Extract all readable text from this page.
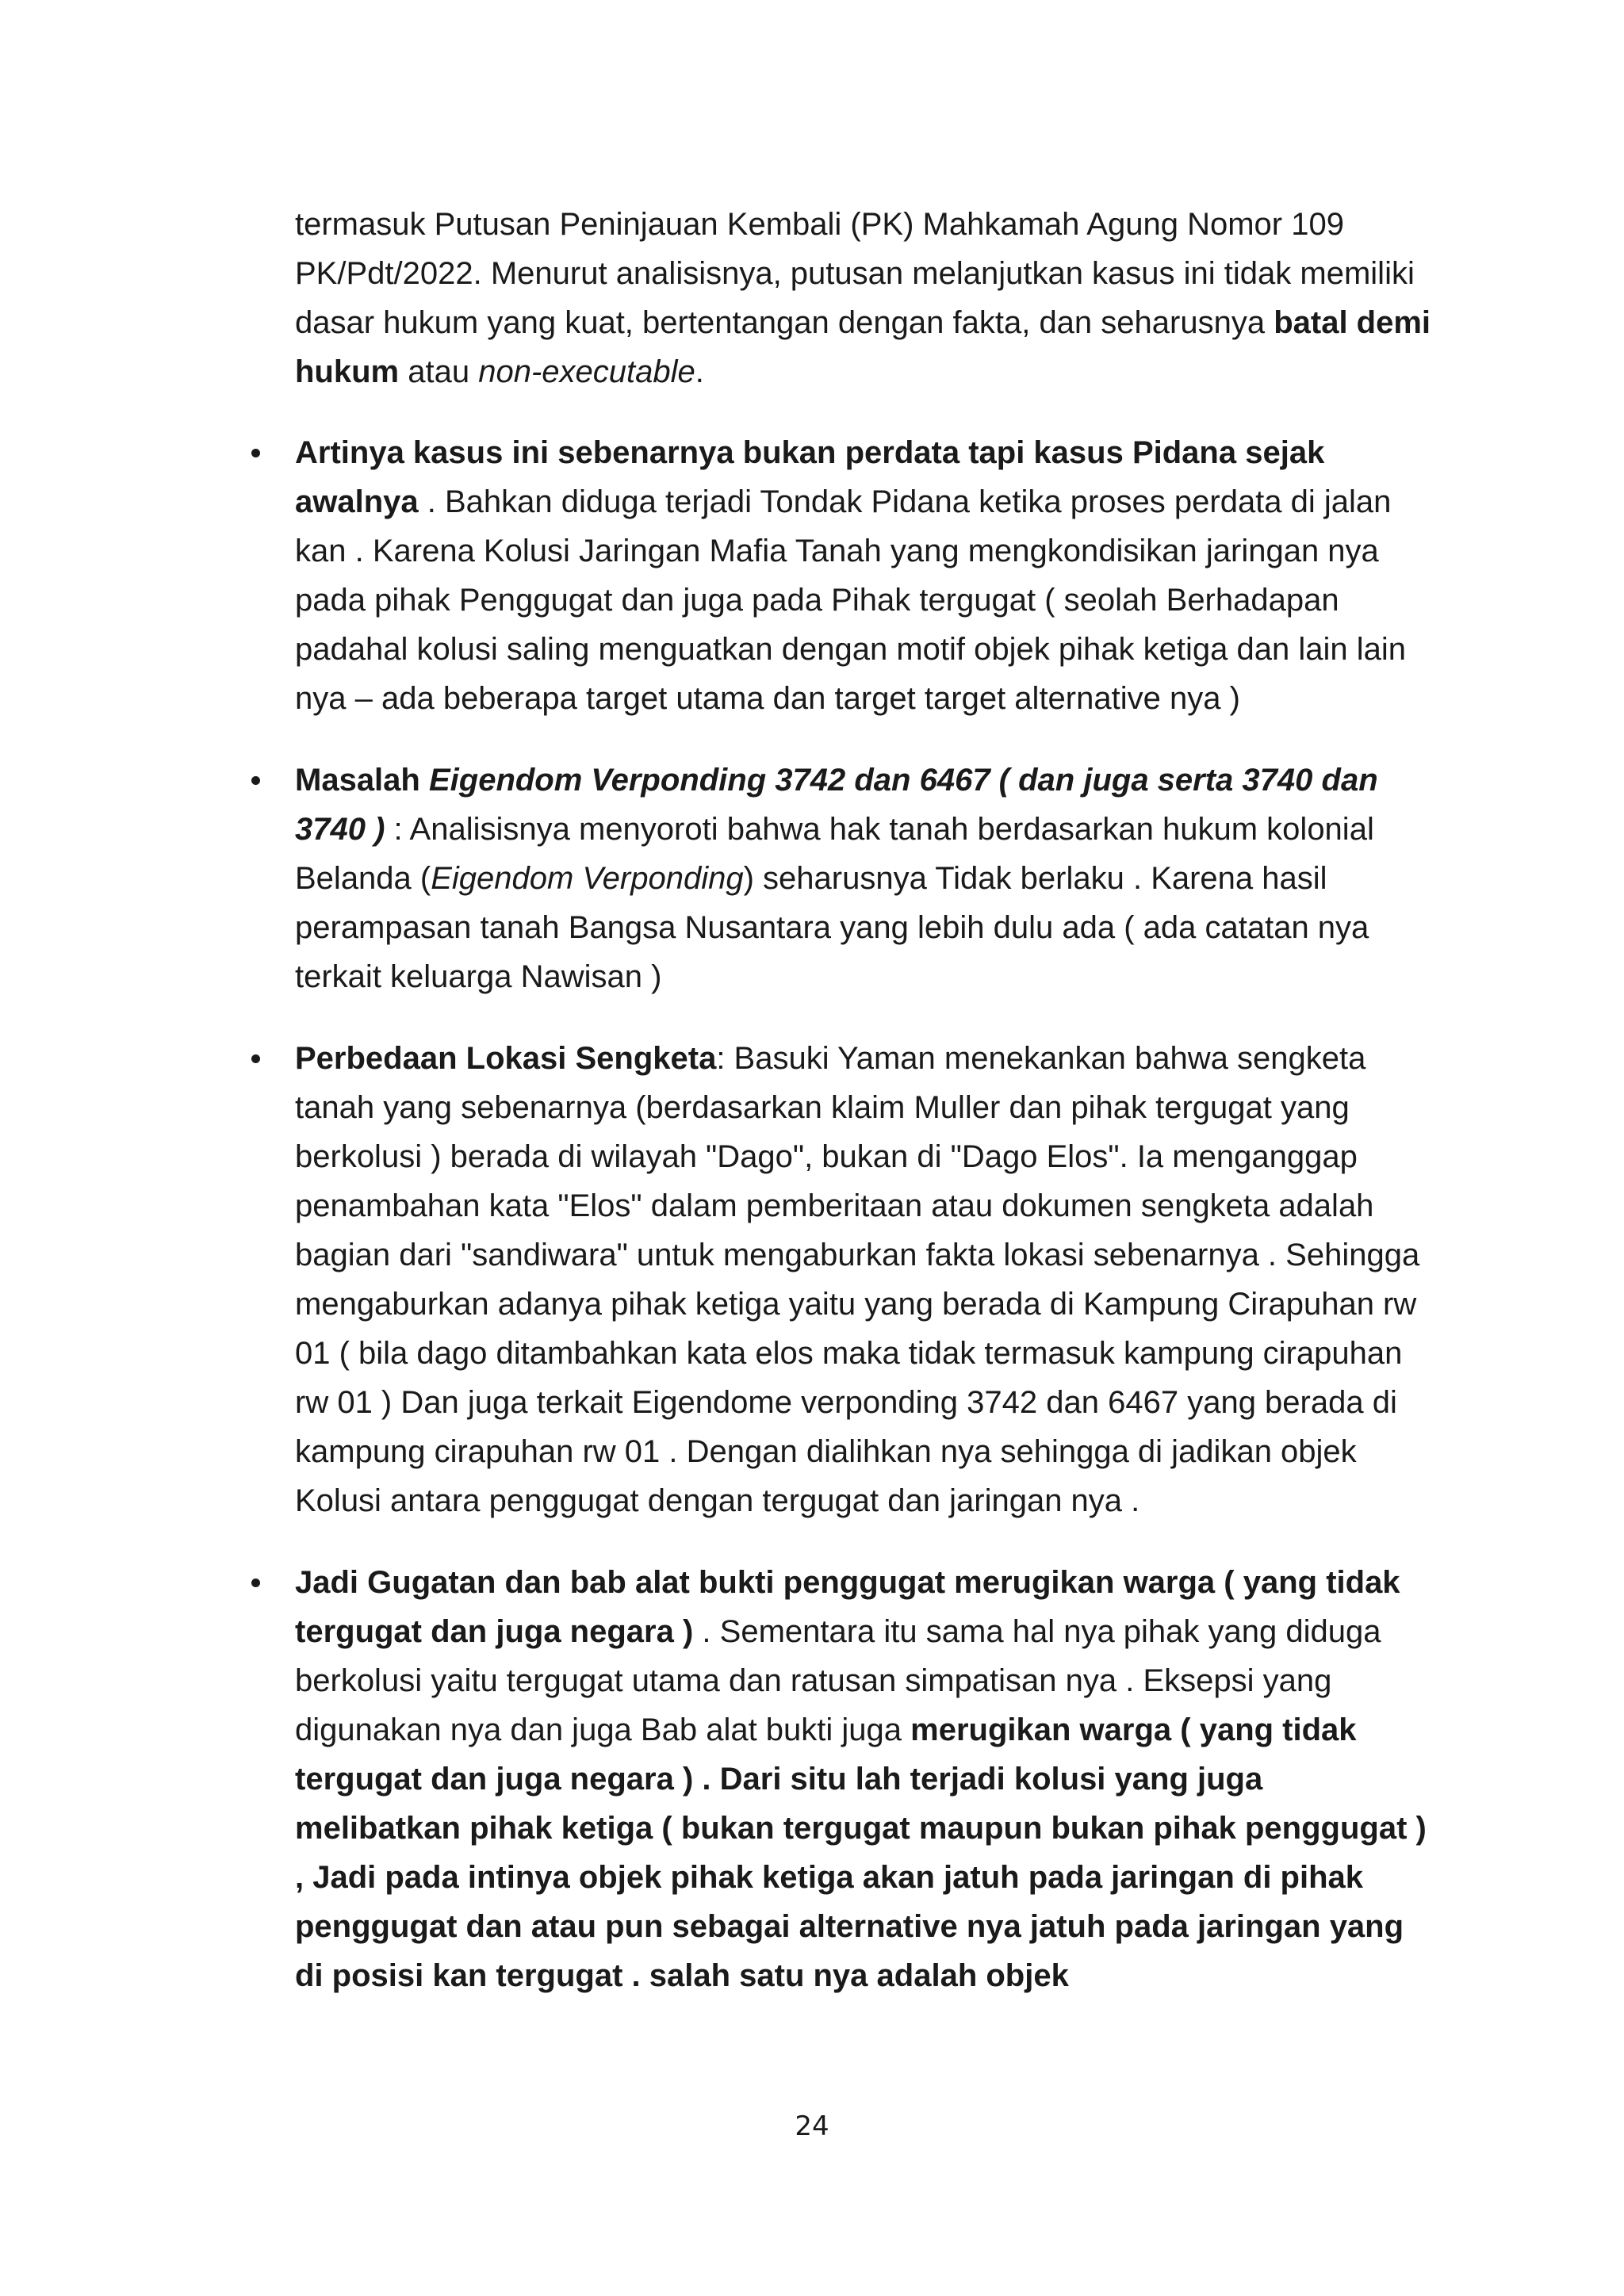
termasuk Putusan Peninjauan Kembali (PK) Mahkamah Agung Nomor 109 PK/Pdt/2022. Menurut analisisnya, putusan melanjutkan kasus ini tidak memiliki dasar hukum yang kuat, bertentangan dengan fakta, dan seharusnya batal demi hukum atau non-executable.

Artinya kasus ini sebenarnya bukan perdata tapi kasus Pidana sejak awalnya . Bahkan diduga terjadi Tondak Pidana ketika proses perdata di jalan kan . Karena Kolusi Jaringan Mafia Tanah yang mengkondisikan jaringan nya pada pihak Penggugat dan juga pada Pihak tergugat ( seolah Berhadapan padahal kolusi saling menguatkan dengan motif objek pihak ketiga dan lain lain nya – ada beberapa target utama dan target target alternative nya )

Masalah Eigendom Verponding 3742 dan 6467 ( dan juga serta 3740 dan 3740 ) : Analisisnya menyoroti bahwa hak tanah berdasarkan hukum kolonial Belanda (Eigendom Verponding) seharusnya Tidak berlaku . Karena hasil perampasan tanah Bangsa Nusantara yang lebih dulu ada ( ada catatan nya terkait keluarga Nawisan )

Perbedaan Lokasi Sengketa: Basuki Yaman menekankan bahwa sengketa tanah yang sebenarnya (berdasarkan klaim Muller dan pihak tergugat yang berkolusi ) berada di wilayah "Dago", bukan di "Dago Elos". Ia menganggap penambahan kata "Elos" dalam pemberitaan atau dokumen sengketa adalah bagian dari "sandiwara" untuk mengaburkan fakta lokasi sebenarnya . Sehingga mengaburkan adanya pihak ketiga yaitu yang berada di Kampung Cirapuhan rw 01 ( bila dago ditambahkan kata elos maka tidak termasuk kampung cirapuhan rw 01 ) Dan juga terkait Eigendome verponding 3742 dan 6467 yang berada di kampung cirapuhan rw 01 . Dengan dialihkan nya sehingga di jadikan objek Kolusi antara penggugat dengan tergugat dan jaringan nya .

Jadi Gugatan dan bab alat bukti penggugat merugikan warga ( yang tidak tergugat dan juga negara ) . Sementara itu sama hal nya pihak yang diduga berkolusi yaitu tergugat utama dan ratusan simpatisan nya . Eksepsi yang digunakan nya dan juga Bab alat bukti juga merugikan warga ( yang tidak tergugat dan juga negara ) . Dari situ lah terjadi kolusi yang juga melibatkan pihak ketiga ( bukan tergugat maupun bukan pihak penggugat ) , Jadi pada intinya objek pihak ketiga akan jatuh pada jaringan di pihak penggugat dan atau pun sebagai alternative nya jatuh pada jaringan yang di posisi kan tergugat . salah satu nya adalah objek

24
